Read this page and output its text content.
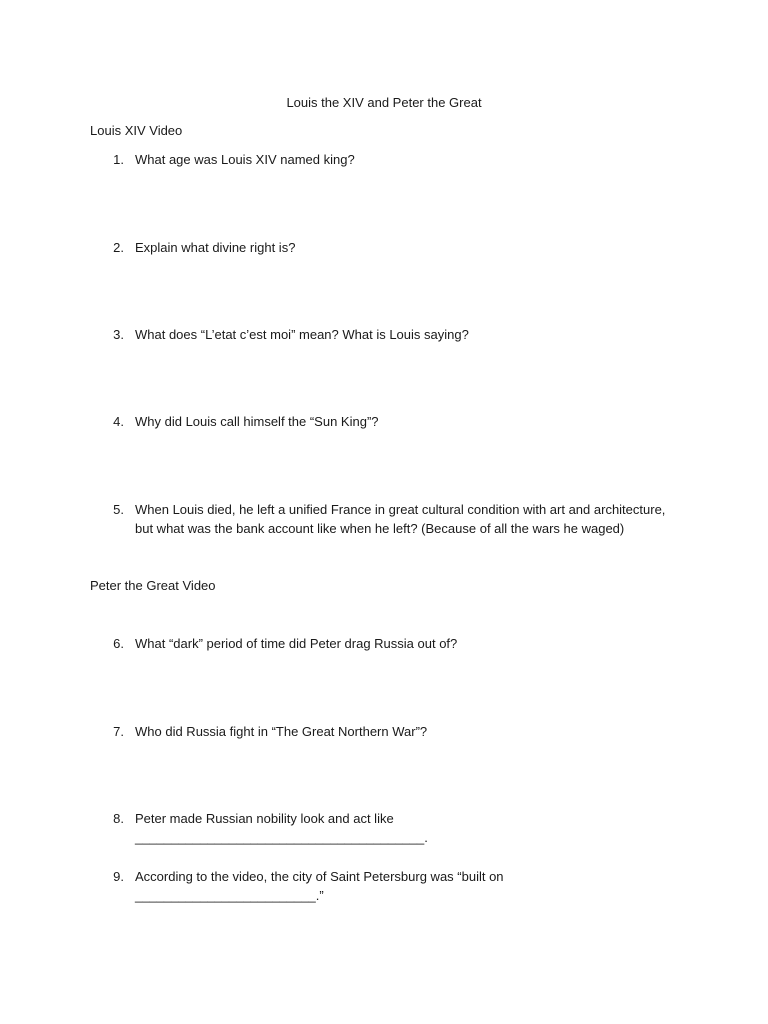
Louis the XIV and Peter the Great
Louis XIV Video
1. What age was Louis XIV named king?
2. Explain what divine right is?
3. What does “L’etat c’est moi” mean? What is Louis saying?
4. Why did Louis call himself the “Sun King”?
5. When Louis died, he left a unified France in great cultural condition with art and architecture,
but what was the bank account like when he left? (Because of all the wars he waged)
Peter the Great Video
6. What “dark” period of time did Peter drag Russia out of?
7. Who did Russia fight in “The Great Northern War”?
8. Peter made Russian nobility look and act like ________________________________________.
9. According to the video, the city of Saint Petersburg was “built on _________________________.”
